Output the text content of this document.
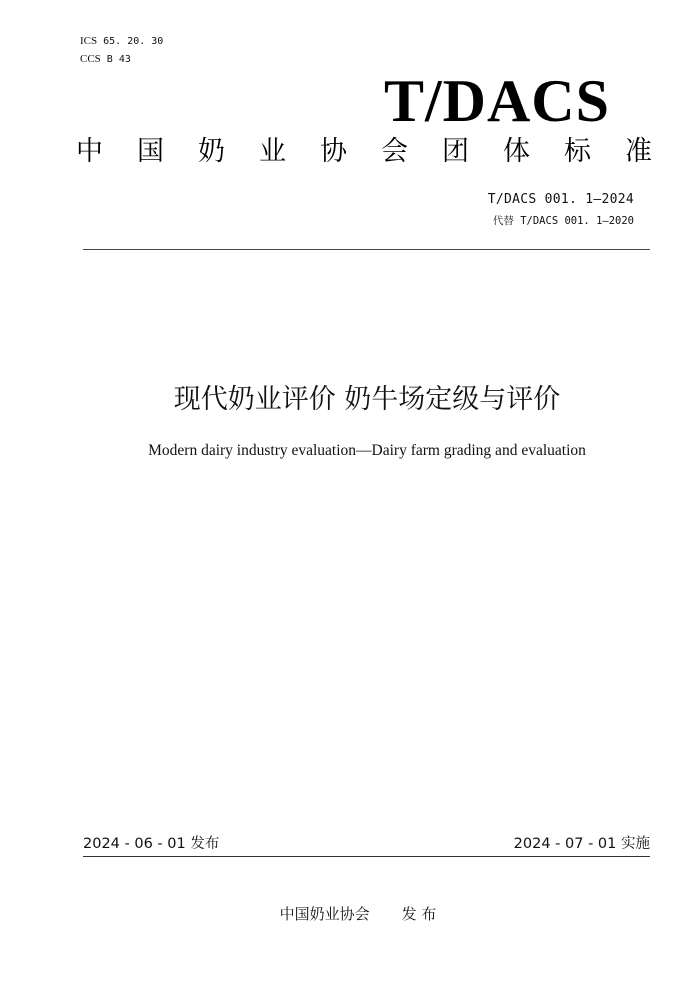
ICS 65. 20. 30
CCS B 43
T/DACS
中 国 奶 业 协 会 团 体 标 准
T/DACS 001. 1—2024
代替 T/DACS 001. 1—2020
现代奶业评价 奶牛场定级与评价
Modern dairy industry evaluation—Dairy farm grading and evaluation
2024 - 06 - 01 发布	2024 - 07 - 01 实施
中国奶业协会 发 布
